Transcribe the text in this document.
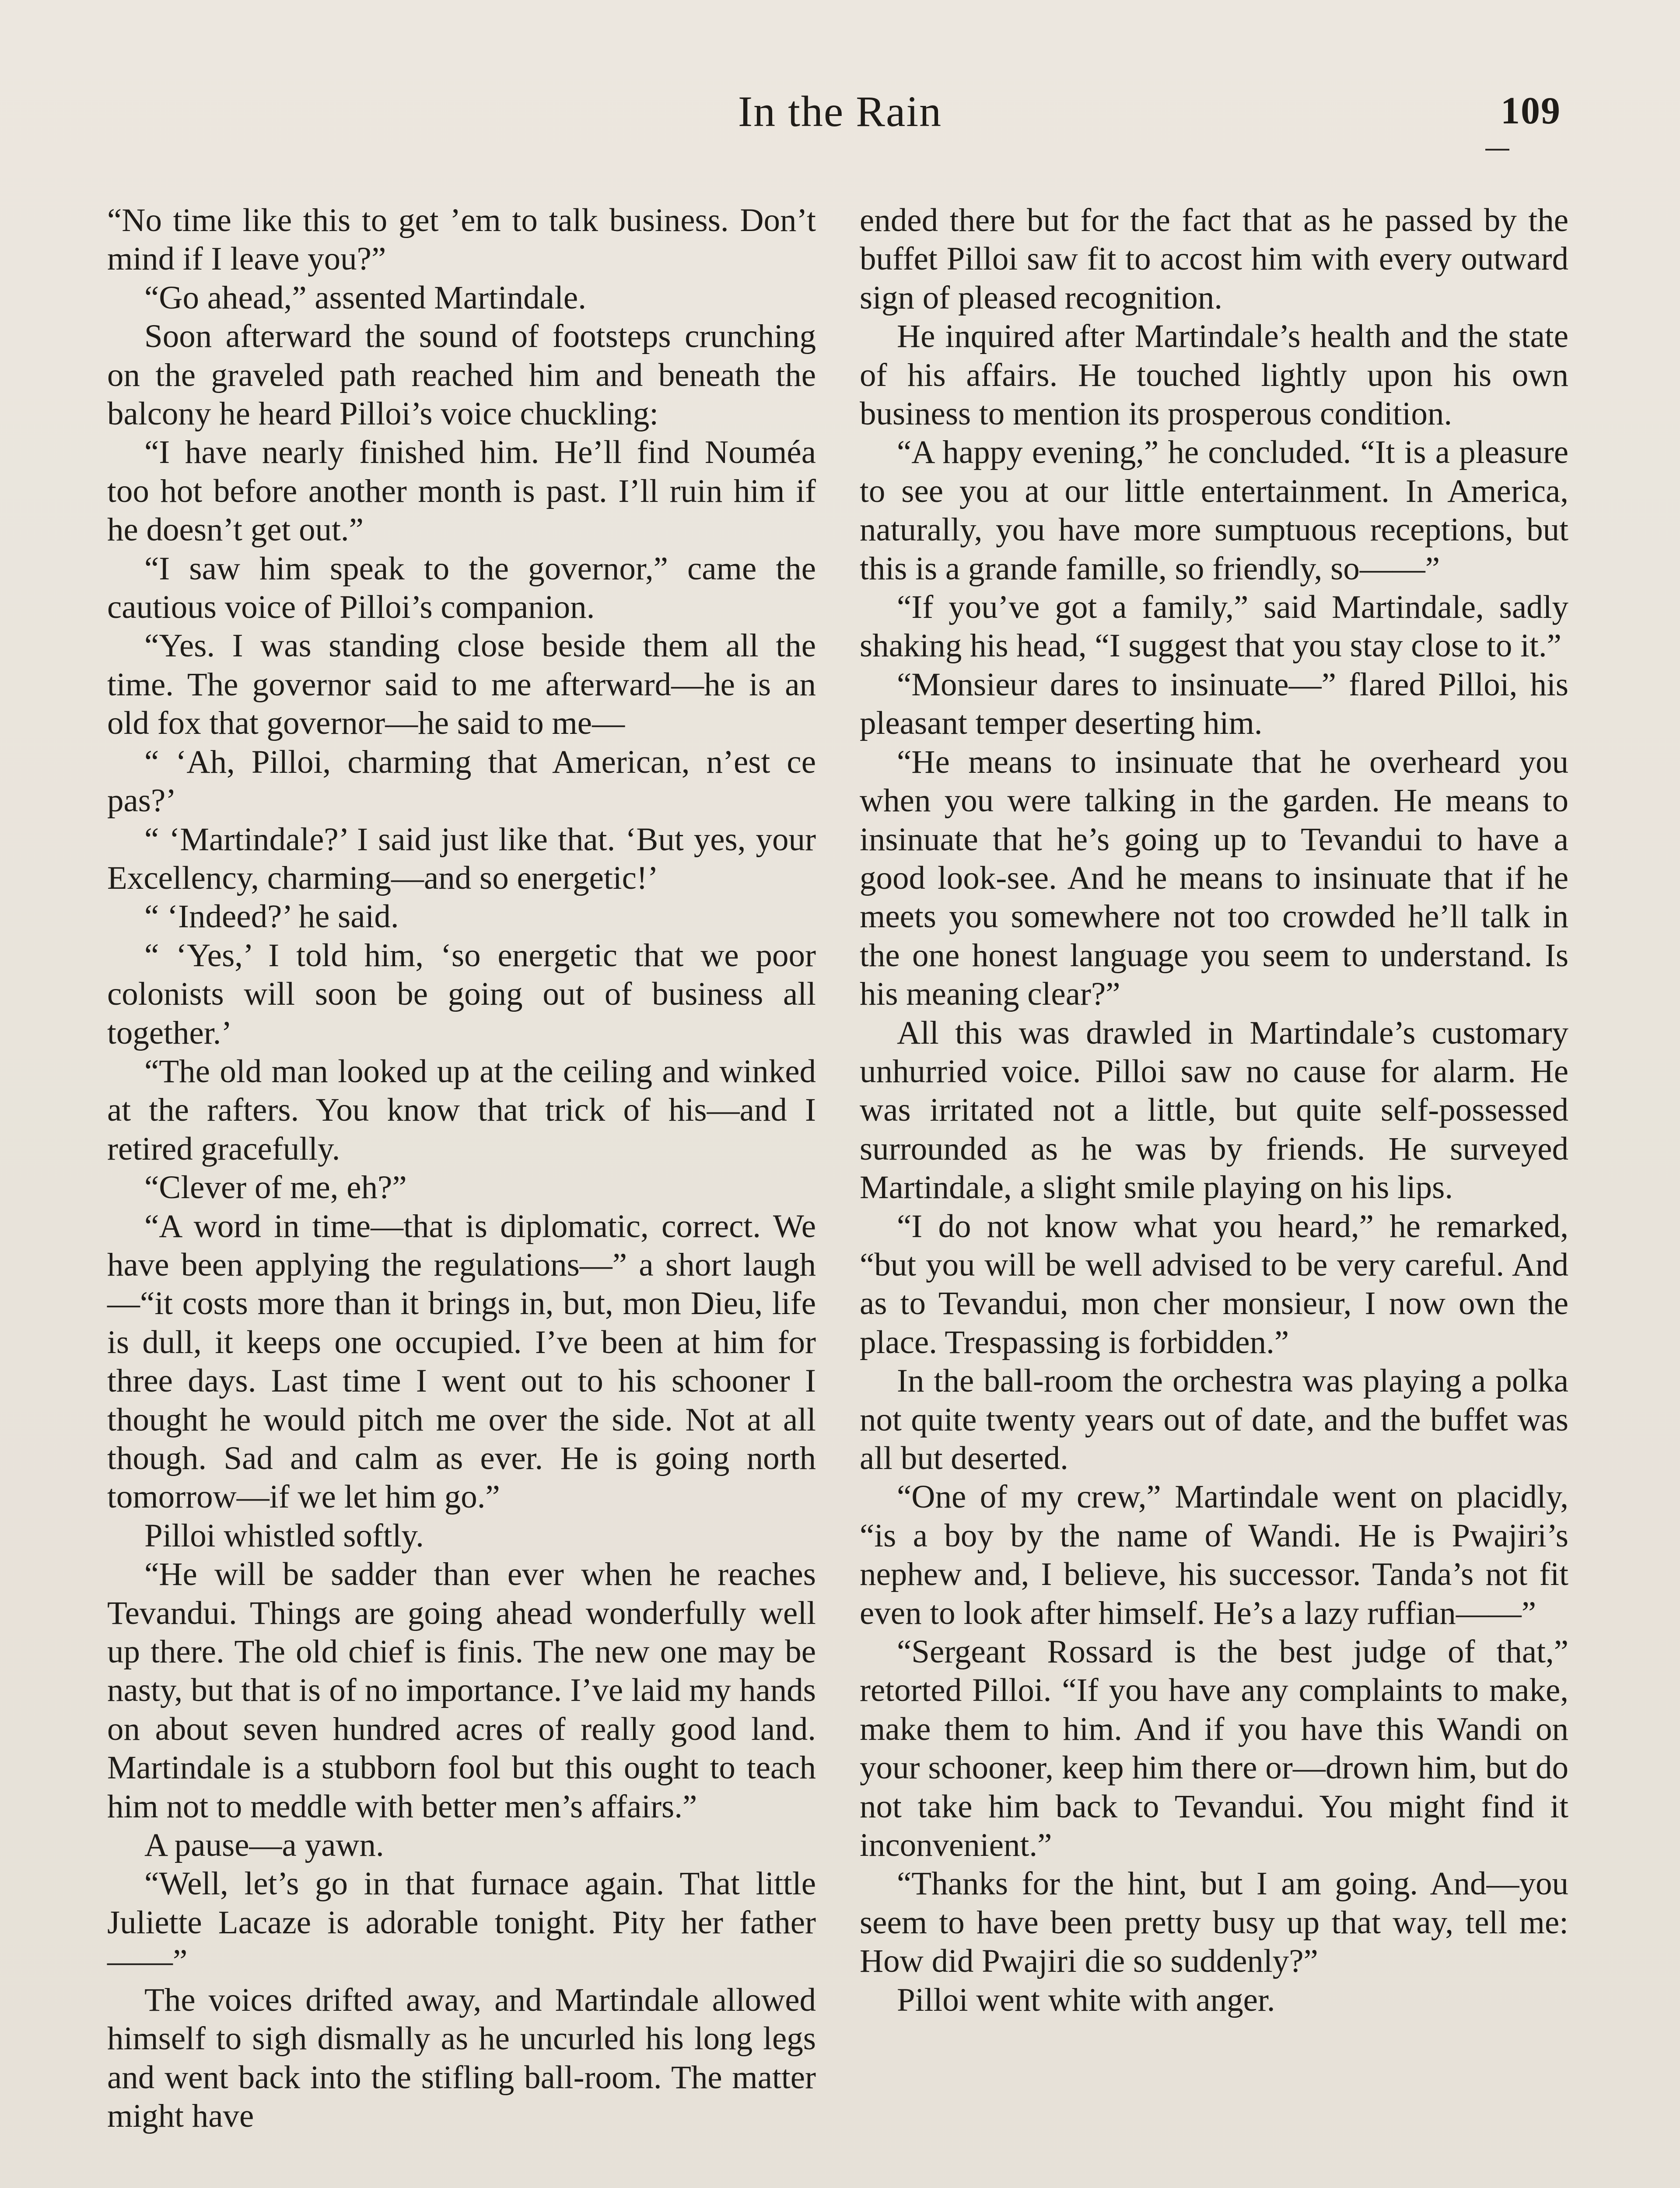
In the Rain	109

“No time like this to get ’em to talk business. Don’t mind if I leave you?”

“Go ahead,” assented Martindale.

Soon afterward the sound of footsteps crunching on the graveled path reached him and beneath the balcony he heard Pilloi’s voice chuckling:

“I have nearly finished him. He’ll find Nouméa too hot before another month is past. I’ll ruin him if he doesn’t get out.”

“I saw him speak to the governor,” came the cautious voice of Pilloi’s companion.

“Yes. I was standing close beside them all the time. The governor said to me afterward—he is an old fox that governor—he said to me—

“ ‘Ah, Pilloi, charming that American, n’est ce pas?’

“ ‘Martindale?’ I said just like that. ‘But yes, your Excellency, charming—and so energetic!’

“ ‘Indeed?’ he said.

“ ‘Yes,’ I told him, ‘so energetic that we poor colonists will soon be going out of business all together.’

“The old man looked up at the ceiling and winked at the rafters. You know that trick of his—and I retired gracefully.

“Clever of me, eh?”

“A word in time—that is diplomatic, correct. We have been applying the regulations—” a short laugh—“it costs more than it brings in, but, mon Dieu, life is dull, it keeps one occupied. I’ve been at him for three days. Last time I went out to his schooner I thought he would pitch me over the side. Not at all though. Sad and calm as ever. He is going north tomorrow—if we let him go.”

Pilloi whistled softly.

“He will be sadder than ever when he reaches Tevandui. Things are going ahead wonderfully well up there. The old chief is finis. The new one may be nasty, but that is of no importance. I’ve laid my hands on about seven hundred acres of really good land. Martindale is a stubborn fool but this ought to teach him not to meddle with better men’s affairs.”

A pause—a yawn.

“Well, let’s go in that furnace again. That little Juliette Lacaze is adorable tonight. Pity her father——”

The voices drifted away, and Martindale allowed himself to sigh dismally as he uncurled his long legs and went back into the stifling ball-room. The matter might have

ended there but for the fact that as he passed by the buffet Pilloi saw fit to accost him with every outward sign of pleased recognition.

He inquired after Martindale’s health and the state of his affairs. He touched lightly upon his own business to mention its prosperous condition.

“A happy evening,” he concluded. “It is a pleasure to see you at our little entertainment. In America, naturally, you have more sumptuous receptions, but this is a grande famille, so friendly, so——”

“If you’ve got a family,” said Martindale, sadly shaking his head, “I suggest that you stay close to it.”

“Monsieur dares to insinuate—” flared Pilloi, his pleasant temper deserting him.

“He means to insinuate that he overheard you when you were talking in the garden. He means to insinuate that he’s going up to Tevandui to have a good look-see. And he means to insinuate that if he meets you somewhere not too crowded he’ll talk in the one honest language you seem to understand. Is his meaning clear?”

All this was drawled in Martindale’s customary unhurried voice. Pilloi saw no cause for alarm. He was irritated not a little, but quite self-possessed surrounded as he was by friends. He surveyed Martindale, a slight smile playing on his lips.

“I do not know what you heard,” he remarked, “but you will be well advised to be very careful. And as to Tevandui, mon cher monsieur, I now own the place. Trespassing is forbidden.”

In the ball-room the orchestra was playing a polka not quite twenty years out of date, and the buffet was all but deserted.

“One of my crew,” Martindale went on placidly, “is a boy by the name of Wandi. He is Pwajiri’s nephew and, I believe, his successor. Tanda’s not fit even to look after himself. He’s a lazy ruffian——”

“Sergeant Rossard is the best judge of that,” retorted Pilloi. “If you have any complaints to make, make them to him. And if you have this Wandi on your schooner, keep him there or—drown him, but do not take him back to Tevandui. You might find it inconvenient.”

“Thanks for the hint, but I am going. And—you seem to have been pretty busy up that way, tell me: How did Pwajiri die so suddenly?”

Pilloi went white with anger.
